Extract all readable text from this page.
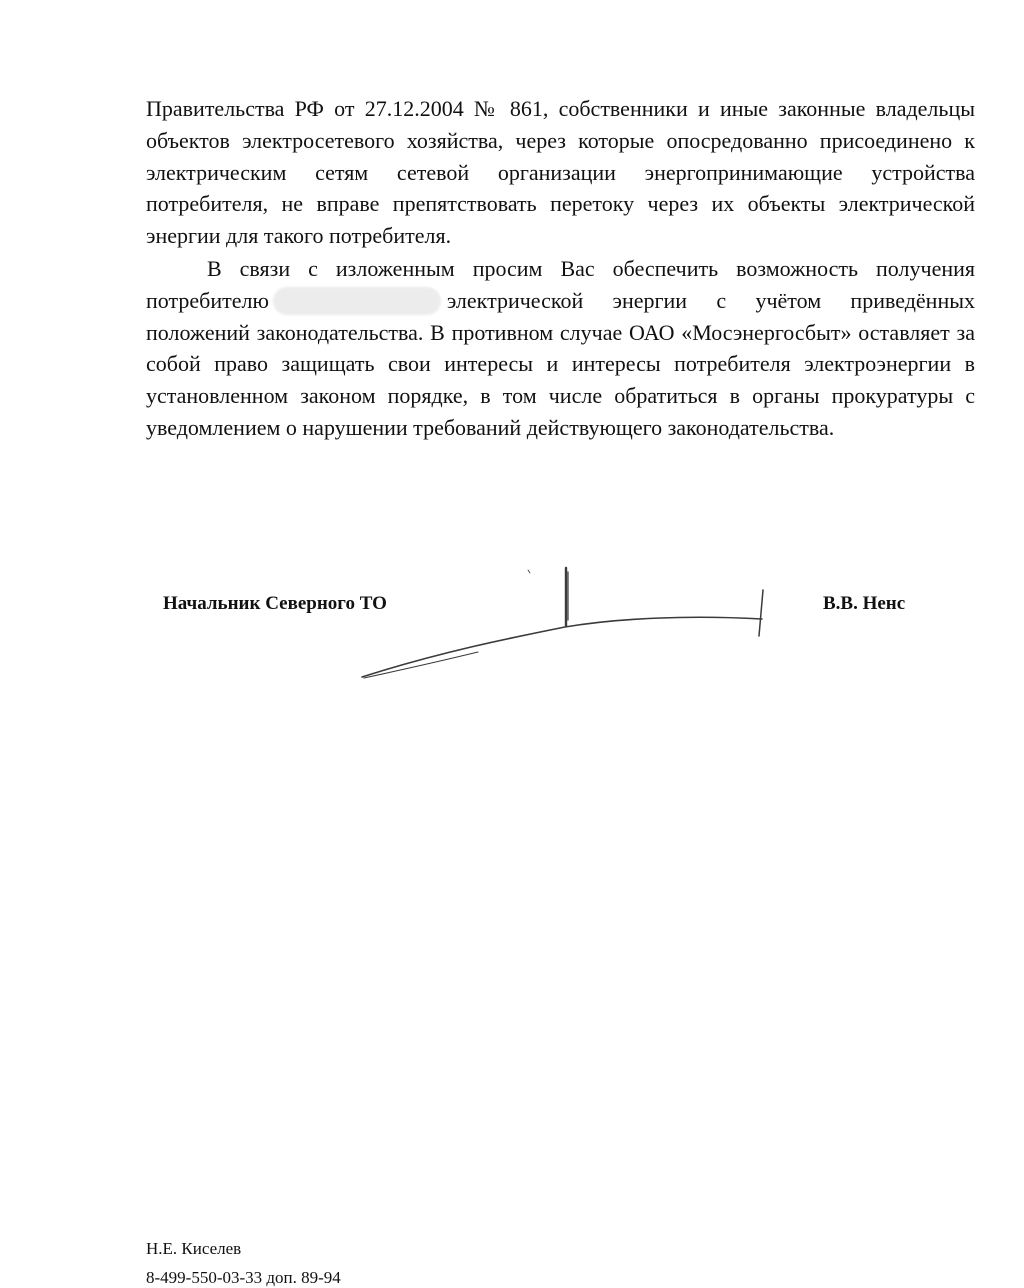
Правительства РФ от 27.12.2004 № 861, собственники и иные законные владельцы объектов электросетевого хозяйства, через которые опосредованно присоединено к электрическим сетям сетевой организации энергопринимающие устройства потребителя, не вправе препятствовать перетоку через их объекты электрической энергии для такого потребителя.

В связи с изложенным просим Вас обеспечить возможность получения потребителю	электрической энергии с учётом приведённых положений законодательства. В противном случае ОАО «Мосэнергосбыт» оставляет за собой право защищать свои интересы и интересы потребителя электроэнергии в установленном законом порядке, в том числе обратиться в органы прокуратуры с уведомлением о нарушении требований действующего законодательства.

Начальник Северного ТО	В.В. Ненс
Н.Е. Киселев
8-499-550-03-33 доп. 89-94
